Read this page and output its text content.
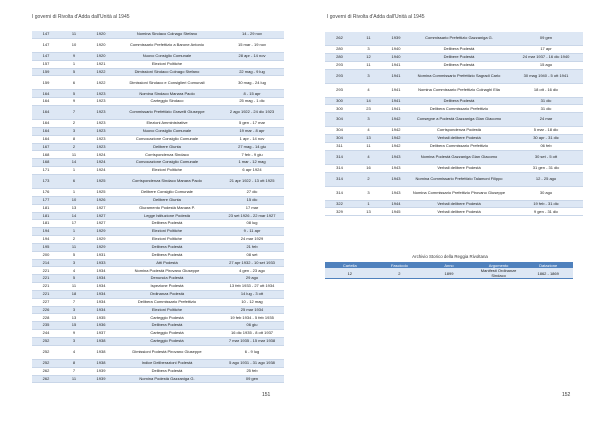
I governi di Rivolta d'Adda dall'Unità al 1945
147	11	1920	Nomina Sindaco Colnago Stefano	14 - 29 nov
147	10	1920	Commissario Prefettizio a Barone Antonio	15 mar - 19 nov
147	9	1920	Nuovo Consiglio Comunale	28 apr - 14 nov
157	1	1921	Elezioni Politiche	
159	5	1922	Dimissioni Sindaco Colnago Stefano	22 mag - 9 lug
159	6	1922	Dimissioni Sindaco e Consiglieri Comunali	30 mag - 24 lug
164	5	1923	Nomina Sindaco Manara Paolo	8 - 15 apr
164	9	1923	Carteggio Sindaco	25 mag - 1 dic
164	7	1923	Commissario Prefettizio Gravelli Giuseppe	2 ago 1922 - 24 dic 1923
164	2	1923	Elezioni Amministrative	5 gen - 17 mar
164	3	1923	Nuovo Consiglio Comunale	19 mar - 8 apr
164	8	1923	Convocazione Consiglio Comunale	1 apr - 14 nov
167	2	1923	Delibere Giunta	27 mag - 14 giu
168	11	1924	Corrispondenza Sindaco	7 feb - 9 giu
168	14	1924	Convocazione Consiglio Comunale	1 mar - 12 mag
171	1	1924	Elezioni Politiche	6 apr 1924
173	6	1925	Corrispondenza Sindaco Manara Paolo	21 apr 1922 - 13 ott 1925
176	1	1925	Delibere Consiglio Comunale	27 dic
177	10	1926	Delibere Giunta	15 dic
181	13	1927	Giuramento Podestà Manara P.	17 mar
181	14	1927	Legge Istituzione Podestà	23 set 1926 - 22 mar 1927
181	17	1927	Delibera Podestà	08 lug
194	1	1929	Elezioni Politiche	9 - 11 apr
194	2	1929	Elezioni Politiche	24 mar 1929
195	11	1929	Delibera Podestà	21 feb
200	5	1931	Delibera Podestà	08 set
214	3	1933	Atti Podestà	27 apr 1932 - 10 set 1933
221	4	1934	Nomina Podestà Pirovano Giuseppe	4 gen - 23 ago
221	5	1934	Denuncia Podestà	29 ago
221	11	1934	Ispezione Podestà	13 feb 1933 - 27 ott 1934
221	18	1934	Ordinanza Podestà	14 lug - 3 ott
227	7	1934	Delibera Commissario Prefettizio	10 - 12 mag
226	3	1934	Elezioni Politiche	25 mar 1934
228	13	1935	Carteggio Podestà	19 feb 1934 - 5 feb 1935
235	15	1936	Delibera Podestà	06 giu
244	9	1937	Carteggio Podestà	16 dic 1935 - 8 ott 1937
252	3	1938	Carteggio Podestà	7 mar 1935 - 15 mar 1938
252	4	1938	Dimissioni Podestà Pirovano Giuseppe	6 - 9 lug
252	8	1938	Indice Deliberazioni Podestà	5 ago 1931 - 31 ago 1938
262	7	1939	Delibera Podestà	25 feb
262	11	1939	Nomina Podestà Gazzaniga G.	09 gen
151
I governi di Rivolta d'Adda dall'Unità al 1945
262	11	1939	Commissario Prefettizio Gazzaniga G.	09 gen
280	3	1940	Delibera Podestà	17 apr
280	12	1940	Delibere Podestà	24 mar 1937 - 16 dic 1940
293	11	1941	Delibera Podestà	15 ago
293	3	1941	Nomina Commissario Prefettizio Sagradi Carlo	30 mag 1940 - 5 ott 1941
293	4	1941	Nomina Commissario Prefettizio Colnaghi Elia	18 ott - 16 dic
300	14	1941	Delibera Podestà	31 dic
300	23	1941	Delibera Commissario Prefettizio	31 dic
304	3	1942	Consegne a Podestà Gazzaniga Gian Giacomo	24 mar
304	4	1942	Corrispondenza Podestà	5 mar - 18 dic
304	13	1942	Verbali delibere Podestà	30 apr - 31 dic
311	11	1942	Delibera Commissario Prefettizio	06 feb
314	4	1943	Nomina Podestà Gazzaniga Gian Giacomo	30 set - 5 ott
314	16	1943	Verbali delibere Podestà	31 gen - 31 dic
314	2	1943	Nomina Commissario Prefettizio Talamoni Filippo	12 - 25 ago
314	3	1943	Nomina Commissario Prefettizio Pirovano Giuseppe	30 ago
322	1	1944	Verbali delibere Podestà	19 feb - 31 dic
329	13	1945	Verbali delibere Podestà	9 gen - 31 dic
Archivio Storico della Reggia Rivoltana
Cartella	Fascicolo	Anno	Argomento	Datazione
12	2	1899	Manifesti Ordinanze Sindaco	1862 - 1869
152
